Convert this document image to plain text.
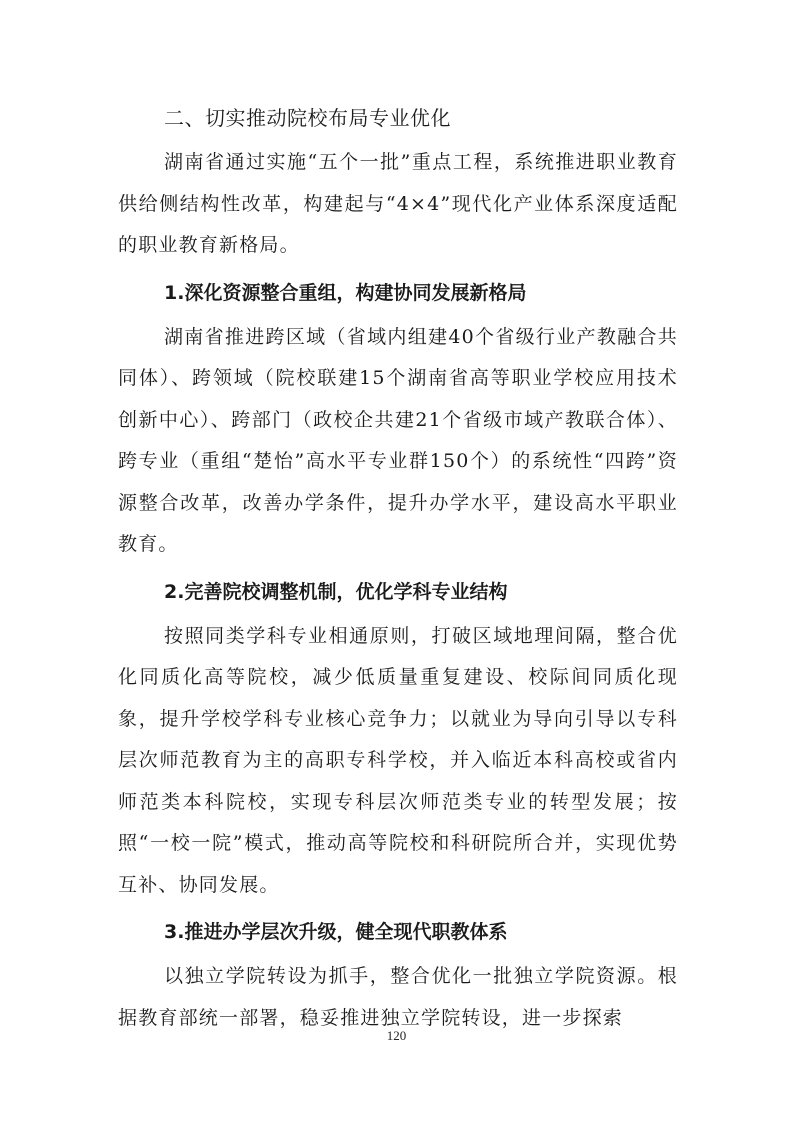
二、切实推动院校布局专业优化

湖南省通过实施“五个一批”重点工程，系统推进职业教育供给侧结构性改革，构建起与“4×4”现代化产业体系深度适配的职业教育新格局。

1.深化资源整合重组，构建协同发展新格局

湖南省推进跨区域（省域内组建40个省级行业产教融合共同体）、跨领域（院校联建15个湖南省高等职业学校应用技术创新中心）、跨部门（政校企共建21个省级市域产教联合体）、跨专业（重组“楚怡”高水平专业群150个）的系统性“四跨”资源整合改革，改善办学条件，提升办学水平，建设高水平职业教育。

2.完善院校调整机制，优化学科专业结构

按照同类学科专业相通原则，打破区域地理间隔，整合优化同质化高等院校，减少低质量重复建设、校际间同质化现象，提升学校学科专业核心竞争力；以就业为导向引导以专科层次师范教育为主的高职专科学校，并入临近本科高校或省内师范类本科院校，实现专科层次师范类专业的转型发展；按照“一校一院”模式，推动高等院校和科研院所合并，实现优势互补、协同发展。

3.推进办学层次升级，健全现代职教体系

以独立学院转设为抓手，整合优化一批独立学院资源。根据教育部统一部署，稳妥推进独立学院转设，进一步探索

120
